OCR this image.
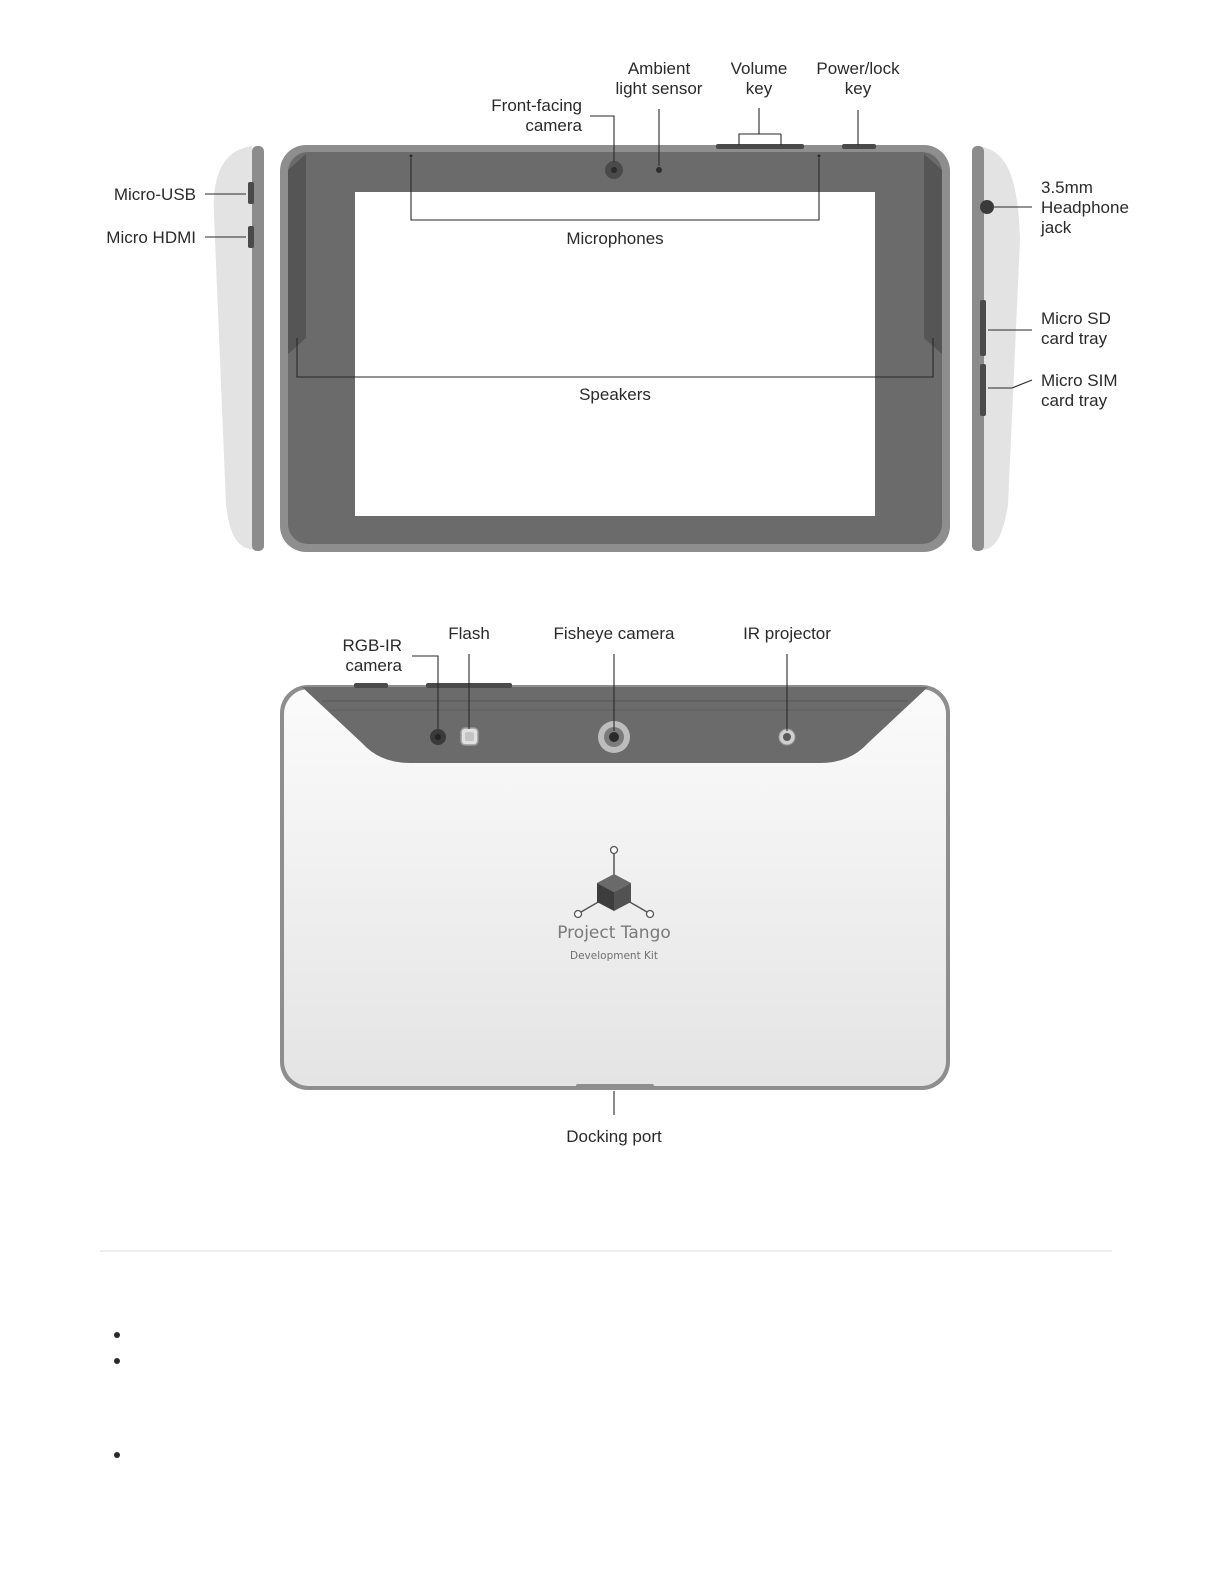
Front-facing
camera
Ambient
light sensor
Volume
key
Power/lock
key
Micro-USB
Micro HDMI
3.5mm
Headphone
jack
Microphones
Speakers
Micro SD
card tray
Micro SIM
card tray
Project Tango
Development Kit
RGB-IR
camera
Flash	Fisheye camera	IR projector
Docking port
